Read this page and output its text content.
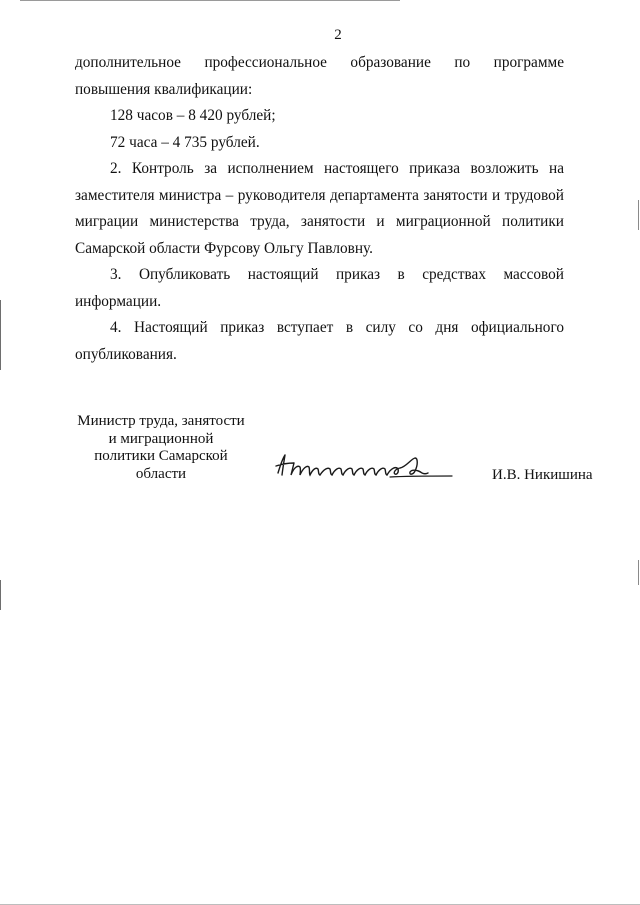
2

дополнительное профессиональное образование по программе повышения квалификации:

128 часов – 8 420 рублей;

72 часа – 4 735 рублей.

2. Контроль за исполнением настоящего приказа возложить на заместителя министра – руководителя департамента занятости и трудовой миграции министерства труда, занятости и миграционной политики Самарской области Фурсову Ольгу Павловну.

3. Опубликовать настоящий приказ в средствах массовой информации.

4. Настоящий приказ вступает в силу со дня официального опубликования.

Министр труда, занятости
и миграционной
политики Самарской
области	И.В. Никишина
